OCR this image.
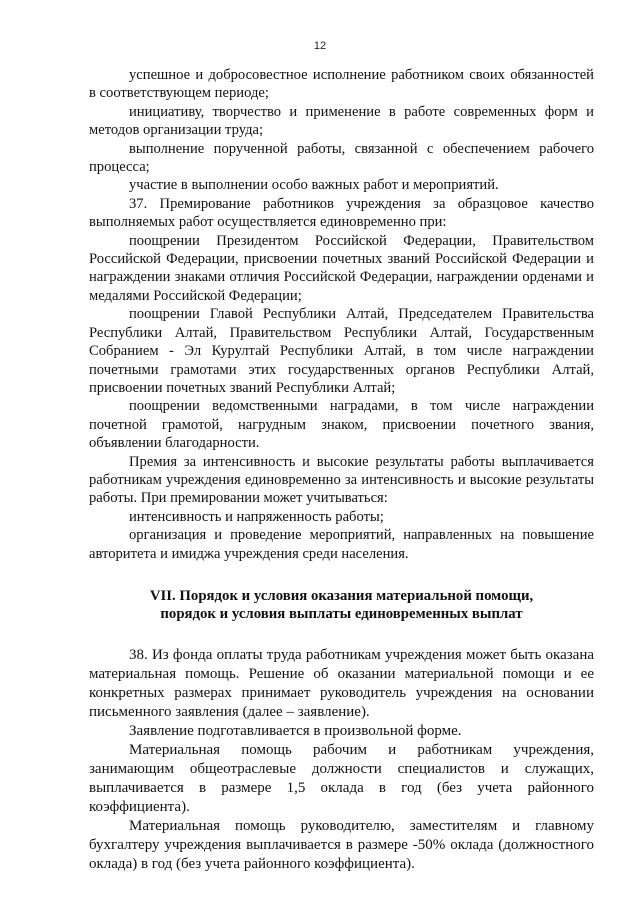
12

успешное и добросовестное исполнение работником своих обязанностей в соответствующем периоде;

инициативу, творчество и применение в работе современных форм и методов организации труда;

выполнение порученной работы, связанной с обеспечением рабочего процесса;

участие в выполнении особо важных работ и мероприятий.

37. Премирование работников учреждения за образцовое качество выполняемых работ осуществляется единовременно при:

поощрении Президентом Российской Федерации, Правительством Российской Федерации, присвоении почетных званий Российской Федерации и награждении знаками отличия Российской Федерации, награждении орденами и медалями Российской Федерации;

поощрении Главой Республики Алтай, Председателем Правительства Республики Алтай, Правительством Республики Алтай, Государственным Собранием - Эл Курултай Республики Алтай, в том числе награждении почетными грамотами этих государственных органов Республики Алтай, присвоении почетных званий Республики Алтай;

поощрении ведомственными наградами, в том числе награждении почетной грамотой, нагрудным знаком, присвоении почетного звания, объявлении благодарности.

Премия за интенсивность и высокие результаты работы выплачивается работникам учреждения единовременно за интенсивность и высокие результаты работы. При премировании может учитываться:

интенсивность и напряженность работы;

организация и проведение мероприятий, направленных на повышение авторитета и имиджа учреждения среди населения.

VII. Порядок и условия оказания материальной помощи,
порядок и условия выплаты единовременных выплат

38. Из фонда оплаты труда работникам учреждения может быть оказана материальная помощь. Решение об оказании материальной помощи и ее конкретных размерах принимает руководитель учреждения на основании письменного заявления (далее – заявление).

Заявление подготавливается в произвольной форме.

Материальная помощь рабочим и работникам учреждения, занимающим общеотраслевые должности специалистов и служащих, выплачивается в размере 1,5 оклада в год (без учета районного коэффициента).

Материальная помощь руководителю, заместителям и главному бухгалтеру учреждения выплачивается в размере -50% оклада (должностного оклада) в год (без учета районного коэффициента).
